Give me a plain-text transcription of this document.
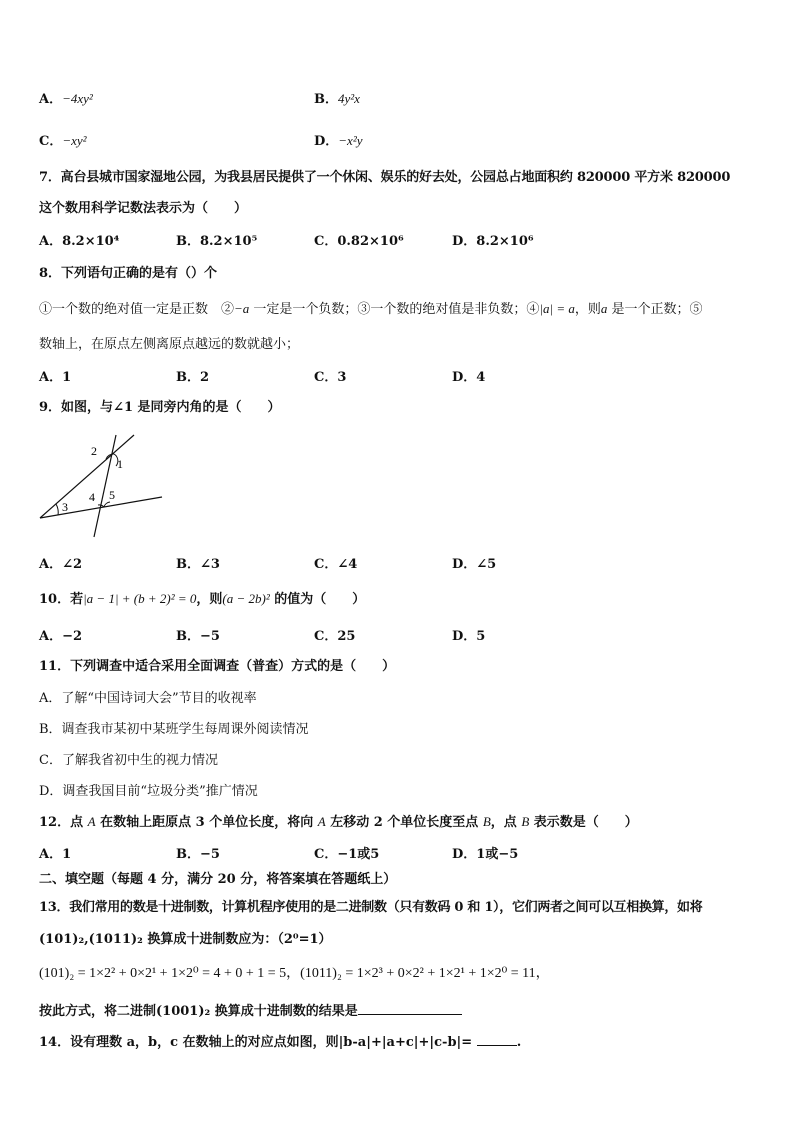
A．−4xy²	B．4y²x
C．−xy²	D．−x²y
7．高台县城市国家湿地公园，为我县居民提供了一个休闲、娱乐的好去处，公园总占地面积约 820000 平方米 820000
这个数用科学记数法表示为（　　）
A．8.2×10⁴	B．8.2×10⁵	C．0.82×10⁶	D．8.2×10⁶
8．下列语句正确的是有（）个
①一个数的绝对值一定是正数　②−a 一定是一个负数；③一个数的绝对值是非负数；④|a| = a，则a 是一个正数；⑤
数轴上，在原点左侧离原点越远的数就越小；
A．1	B．2	C．3	D．4
9．如图，与∠1 是同旁内角的是（　　）
2
1
3
4 5
A．∠2	B．∠3	C．∠4	D．∠5
10．若|a − 1| + (b + 2)² = 0，则(a − 2b)² 的值为（　　）
A．−2	B．−5	C．25	D．5
11．下列调查中适合采用全面调查（普查）方式的是（　　）
A．了解“中国诗词大会”节目的收视率
B．调查我市某初中某班学生每周课外阅读情况
C．了解我省初中生的视力情况
D．调查我国目前“垃圾分类”推广情况
12．点 A 在数轴上距原点 3 个单位长度，将向 A 左移动 2 个单位长度至点 B，点 B 表示数是（　　）
A．1	B．−5	C．−1或5	D．1或−5
二、填空题（每题 4 分，满分 20 分，将答案填在答题纸上）
13．我们常用的数是十进制数，计算机程序使用的是二进制数（只有数码 0 和 1），它们两者之间可以互相换算，如将
(101)₂,(1011)₂ 换算成十进制数应为：（2⁰=1）
(101)₂ = 1×2² + 0×2¹ + 1×2⁰ = 4 + 0 + 1 = 5，(1011)₂ = 1×2³ + 0×2² + 1×2¹ + 1×2⁰ = 11，
按此方式，将二进制(1001)₂ 换算成十进制数的结果是
14．设有理数 a，b，c 在数轴上的对应点如图，则|b-a|+|a+c|+|c-b|=	.
